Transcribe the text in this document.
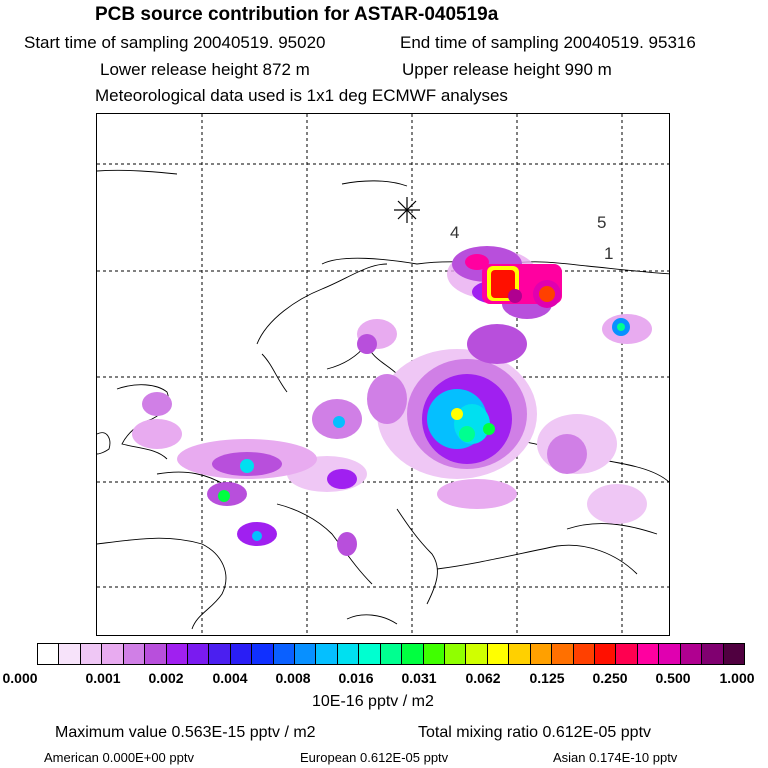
PCB source contribution for ASTAR-040519a
Start time of sampling 20040519. 95020	End time of sampling 20040519. 95316
Lower release height 872 m	Upper release height 990 m
Meteorological data used is 1x1 deg ECMWF analyses
4
5
1
0.000	0.001 0.002 0.004 0.008 0.016 0.031 0.062 0.125 0.250 0.500 1.000
10E-16 pptv / m2
Maximum value 0.563E-15 pptv / m2	Total mixing ratio 0.612E-05 pptv
American 0.000E+00 pptv	European 0.612E-05 pptv	Asian 0.174E-10 pptv
